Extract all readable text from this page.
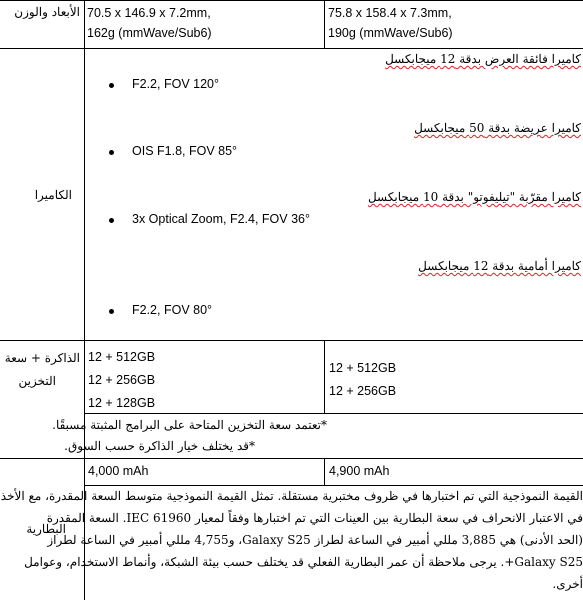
الأبعاد والوزن 70.5 x 146.9 x 7.2mm,
162g (mmWave/Sub6)
75.8 x 158.4 x 7.3mm,
190g (mmWave/Sub6)
الكاميرا
كاميرا فائقة العرض بدقة 12 ميجابكسل
كاميرا عريضة بدقة 50 ميجابكسل
كاميرا مقرّبة "تيليفوتو" بدقة 10 ميجابكسل
كاميرا أمامية بدقة 12 ميجابكسل
F2.2, FOV 120°
OIS F1.8, FOV 85°
3x Optical Zoom, F2.4, FOV 36°
F2.2, FOV 80°
الذاكرة + سعة
التخزين
12 + 512GB
12 + 256GB
12 + 128GB
12 + 512GB
12 + 256GB
*تعتمد سعة التخزين المتاحة على البرامج المثبتة مسبقًا.
*قد يختلف خيار الذاكرة حسب السوق.
البطارية
4,000 mAh	4,900 mAh
القيمة النموذجية التي تم اختبارها في ظروف مختبرية مستقلة. تمثل القيمة النموذجية متوسط السعة المقدرة، مع الأخذ
في الاعتبار الانحراف في سعة البطارية بين العينات التي تم اختبارها وفقاً لمعيار IEC 61960. السعة المقدرة
(الحد الأدنى) هي 3,885 مللي أمبير في الساعة لطراز Galaxy S25، و4,755 مللي أمبير في الساعة لطراز
Galaxy S25+. يرجى ملاحظة أن عمر البطارية الفعلي قد يختلف حسب بيئة الشبكة، وأنماط الاستخدام، وعوامل
أخرى.
